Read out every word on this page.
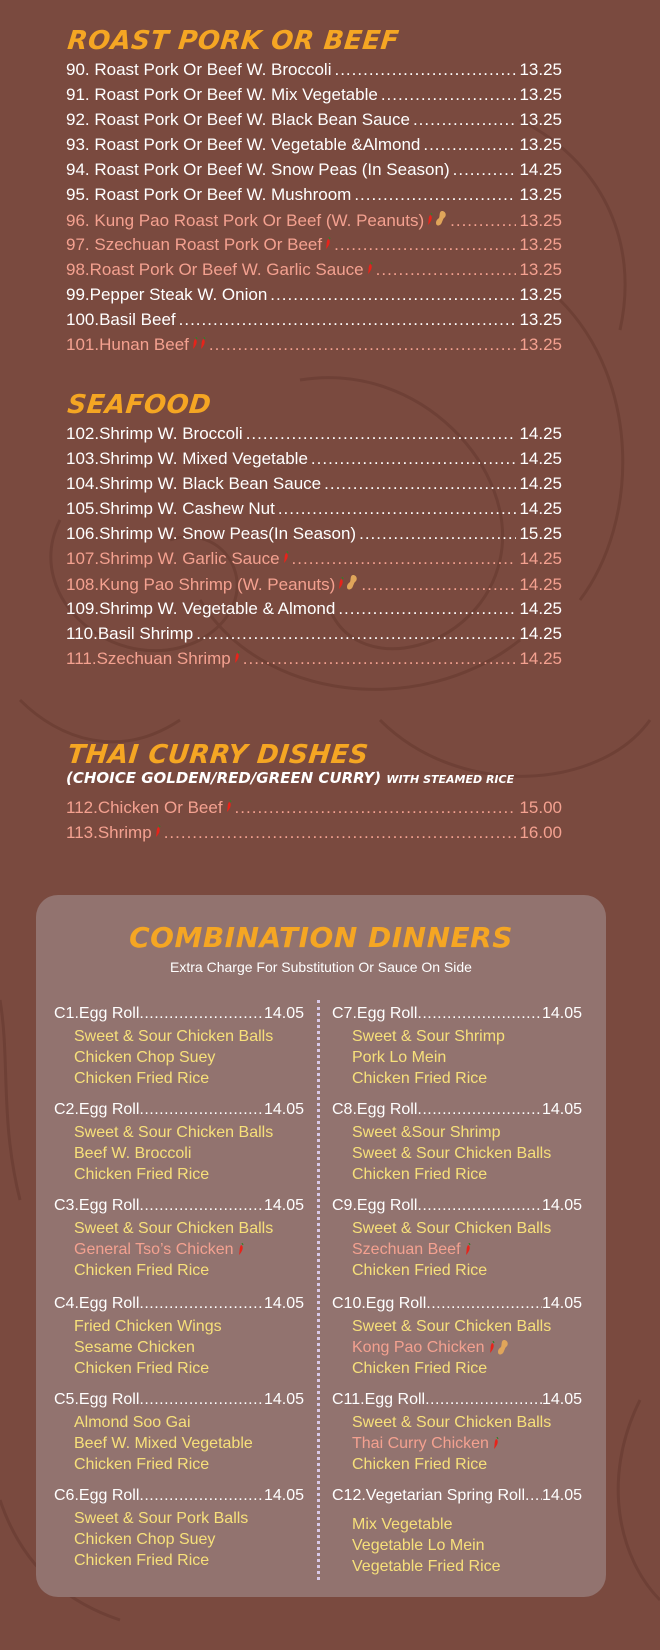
ROAST PORK OR BEEF
90. Roast Pork Or Beef W. Broccoli .....	13.25
91. Roast Pork Or Beef W. Mix Vegetable .....	13.25
92. Roast Pork Or Beef W. Black Bean Sauce .....	13.25
93. Roast Pork Or Beef W. Vegetable &Almond .....	13.25
94. Roast Pork Or Beef W. Snow Peas (In Season) .....	14.25
95. Roast Pork Or Beef W. Mushroom .....	13.25
96. Kung Pao Roast Pork Or Beef (W. Peanuts) .....	13.25
97. Szechuan Roast Pork Or Beef .....	13.25
98.Roast Pork Or Beef W. Garlic Sauce .....	13.25
99.Pepper Steak W. Onion .....	13.25
100.Basil Beef .....	13.25
101.Hunan Beef .....	13.25
SEAFOOD
102.Shrimp W. Broccoli .....	14.25
103.Shrimp W. Mixed Vegetable .....	14.25
104.Shrimp W. Black Bean Sauce .....	14.25
105.Shrimp W. Cashew Nut .....	14.25
106.Shrimp W. Snow Peas(In Season) .....	15.25
107.Shrimp W. Garlic Sauce .....	14.25
108.Kung Pao Shrimp (W. Peanuts) .....	14.25
109.Shrimp W. Vegetable & Almond .....	14.25
110.Basil Shrimp .....	14.25
111.Szechuan Shrimp .....	14.25
THAI CURRY DISHES
(CHOICE GOLDEN/RED/GREEN CURRY) WITH STEAMED RICE
112.Chicken Or Beef .....	15.00
113.Shrimp .....	16.00
COMBINATION DINNERS
Extra Charge For Substitution Or Sauce On Side
C1.Egg Roll .....	14.05
Sweet & Sour Chicken Balls
Chicken Chop Suey
Chicken Fried Rice
C2.Egg Roll .....	14.05
Sweet & Sour Chicken Balls
Beef W. Broccoli
Chicken Fried Rice
C3.Egg Roll .....	14.05
Sweet & Sour Chicken Balls
General Tso’s Chicken
Chicken Fried Rice
C4.Egg Roll .....	14.05
Fried Chicken Wings
Sesame Chicken
Chicken Fried Rice
C5.Egg Roll .....	14.05
Almond Soo Gai
Beef W. Mixed Vegetable
Chicken Fried Rice
C6.Egg Roll .....	14.05
Sweet & Sour Pork Balls
Chicken Chop Suey
Chicken Fried Rice
C7.Egg Roll .....	14.05
Sweet & Sour Shrimp
Pork Lo Mein
Chicken Fried Rice
C8.Egg Roll .....	14.05
Sweet &Sour Shrimp
Sweet & Sour Chicken Balls
Chicken Fried Rice
C9.Egg Roll .....	14.05
Sweet & Sour Chicken Balls
Szechuan Beef
Chicken Fried Rice
C10.Egg Roll .....	14.05
Sweet & Sour Chicken Balls
Kong Pao Chicken
Chicken Fried Rice
C11.Egg Roll .....	14.05
Sweet & Sour Chicken Balls
Thai Curry Chicken
Chicken Fried Rice
C12.Vegetarian Spring Roll ..... 14.05
Mix Vegetable
Vegetable Lo Mein
Vegetable Fried Rice
